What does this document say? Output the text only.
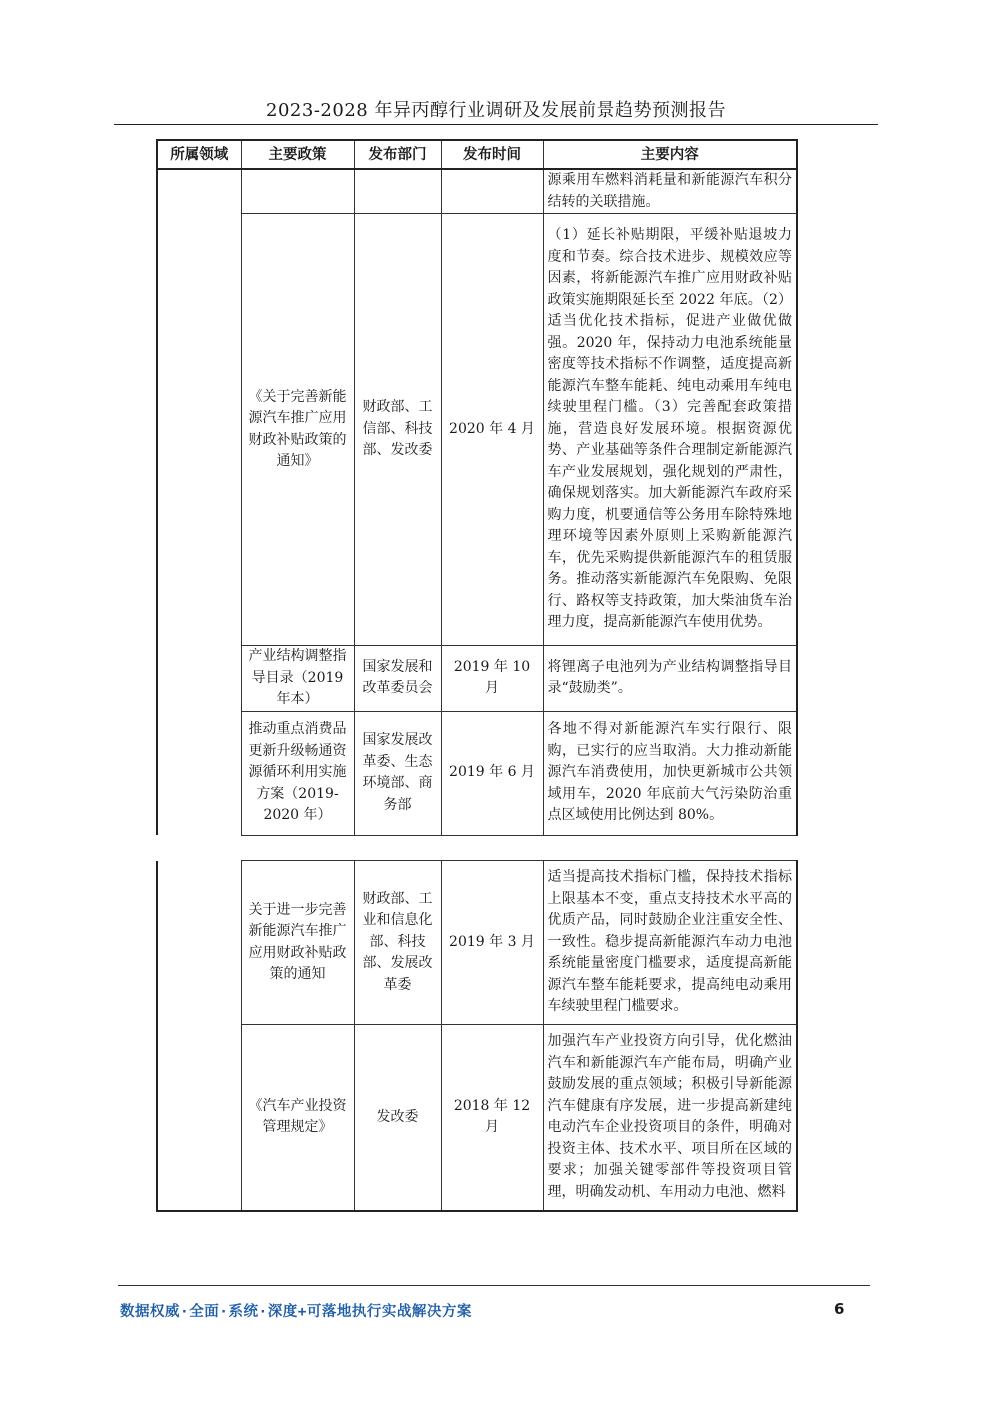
2023-2028 年异丙醇行业调研及发展前景趋势预测报告
所属领域	主要政策	发布部门	发布时间	主要内容
				源乘用车燃料消耗量和新能源汽车积分结转的关联措施。
	《关于完善新能源汽车推广应用财政补贴政策的通知》	财政部、工信部、科技部、发改委	2020 年 4 月	（1）延长补贴期限，平缓补贴退坡力度和节奏。综合技术进步、规模效应等因素，将新能源汽车推广应用财政补贴政策实施期限延长至 2022 年底。（2）适当优化技术指标，促进产业做优做强。2020 年，保持动力电池系统能量密度等技术指标不作调整，适度提高新能源汽车整车能耗、纯电动乘用车纯电续驶里程门槛。（3）完善配套政策措施，营造良好发展环境。根据资源优势、产业基础等条件合理制定新能源汽车产业发展规划，强化规划的严肃性，确保规划落实。加大新能源汽车政府采购力度，机要通信等公务用车除特殊地理环境等因素外原则上采购新能源汽车，优先采购提供新能源汽车的租赁服务。推动落实新能源汽车免限购、免限行、路权等支持政策，加大柴油货车治理力度，提高新能源汽车使用优势。
	产业结构调整指导目录（2019 年本）	国家发展和改革委员会	2019 年 10 月	将锂离子电池列为产业结构调整指导目录“鼓励类”。
	推动重点消费品更新升级畅通资源循环利用实施方案（2019-2020 年）	国家发展改革委、生态环境部、商务部	2019 年 6 月	各地不得对新能源汽车实行限行、限购，已实行的应当取消。大力推动新能源汽车消费使用，加快更新城市公共领域用车，2020 年底前大气污染防治重点区域使用比例达到 80%。
	关于进一步完善新能源汽车推广应用财政补贴政策的通知	财政部、工业和信息化部、科技部、发展改革委	2019 年 3 月	适当提高技术指标门槛，保持技术指标上限基本不变，重点支持技术水平高的优质产品，同时鼓励企业注重安全性、一致性。稳步提高新能源汽车动力电池系统能量密度门槛要求，适度提高新能源汽车整车能耗要求，提高纯电动乘用车续驶里程门槛要求。
	《汽车产业投资管理规定》	发改委	2018 年 12 月	加强汽车产业投资方向引导，优化燃油汽车和新能源汽车产能布局，明确产业鼓励发展的重点领域；积极引导新能源汽车健康有序发展，进一步提高新建纯电动汽车企业投资项目的条件，明确对投资主体、技术水平、项目所在区域的要求；加强关键零部件等投资项目管理，明确发动机、车用动力电池、燃料
数据权威·全面·系统·深度+可落地执行实战解决方案	6
